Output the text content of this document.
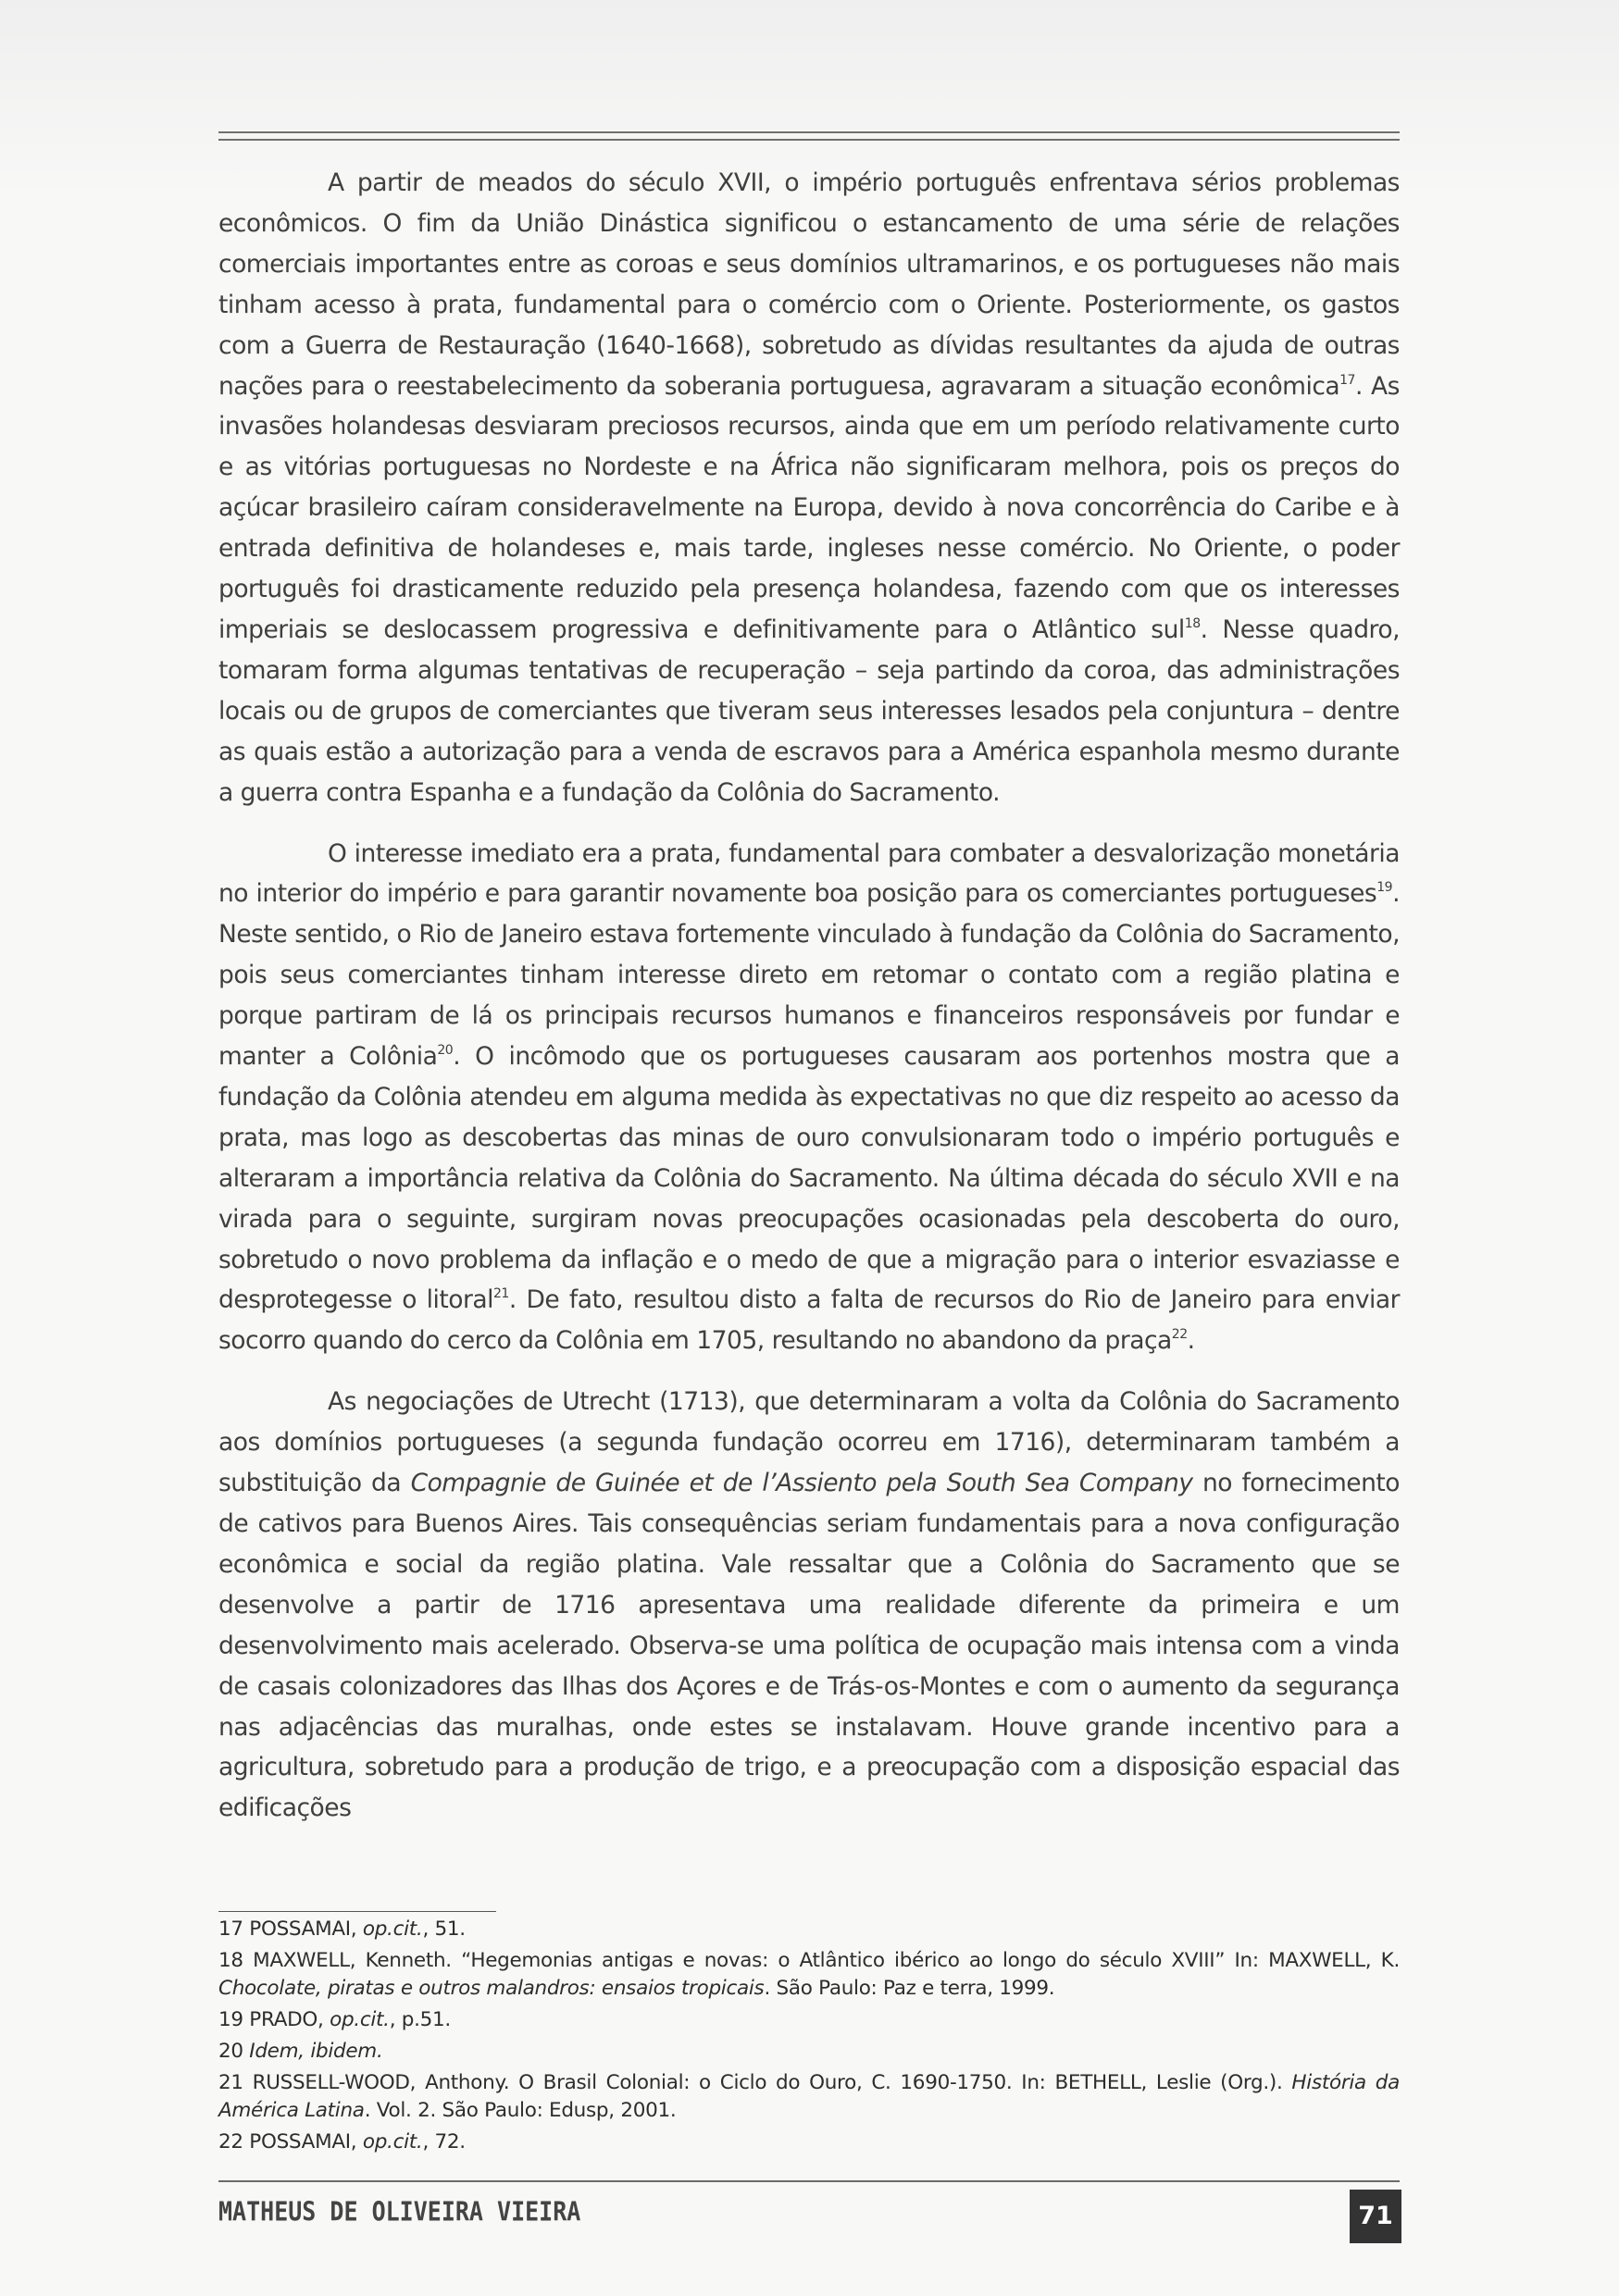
A partir de meados do século XVII, o império português enfrentava sérios problemas econômicos. O fim da União Dinástica significou o estancamento de uma série de relações comerciais importantes entre as coroas e seus domínios ultramarinos, e os portugueses não mais tinham acesso à prata, fundamental para o comércio com o Oriente. Posteriormente, os gastos com a Guerra de Restauração (1640-1668), sobretudo as dívidas resultantes da ajuda de outras nações para o reestabelecimento da soberania portuguesa, agravaram a situação econômica$^{17}$. As invasões holandesas desviaram preciosos recursos, ainda que em um período relativamente curto e as vitórias portuguesas no Nordeste e na África não significaram melhora, pois os preços do açúcar brasileiro caíram consideravelmente na Europa, devido à nova concorrência do Caribe e à entrada definitiva de holandeses e, mais tarde, ingleses nesse comércio. No Oriente, o poder português foi drasticamente reduzido pela presença holandesa, fazendo com que os interesses imperiais se deslocassem progressiva e definitivamente para o Atlântico sul$^{18}$. Nesse quadro, tomaram forma algumas tentativas de recuperação – seja partindo da coroa, das administrações locais ou de grupos de comerciantes que tiveram seus interesses lesados pela conjuntura – dentre as quais estão a autorização para a venda de escravos para a América espanhola mesmo durante a guerra contra Espanha e a fundação da Colônia do Sacramento.

O interesse imediato era a prata, fundamental para combater a desvalorização monetária no interior do império e para garantir novamente boa posição para os comerciantes portugueses$^{19}$. Neste sentido, o Rio de Janeiro estava fortemente vinculado à fundação da Colônia do Sacramento, pois seus comerciantes tinham interesse direto em retomar o contato com a região platina e porque partiram de lá os principais recursos humanos e financeiros responsáveis por fundar e manter a Colônia$^{20}$. O incômodo que os portugueses causaram aos portenhos mostra que a fundação da Colônia atendeu em alguma medida às expectativas no que diz respeito ao acesso da prata, mas logo as descobertas das minas de ouro convulsionaram todo o império português e alteraram a importância relativa da Colônia do Sacramento. Na última década do século XVII e na virada para o seguinte, surgiram novas preocupações ocasionadas pela descoberta do ouro, sobretudo o novo problema da inflação e o medo de que a migração para o interior esvaziasse e desprotegesse o litoral$^{21}$. De fato, resultou disto a falta de recursos do Rio de Janeiro para enviar socorro quando do cerco da Colônia em 1705, resultando no abandono da praça$^{22}$.

As negociações de Utrecht (1713), que determinaram a volta da Colônia do Sacramento aos domínios portugueses (a segunda fundação ocorreu em 1716), determinaram também a substituição da Compagnie de Guinée et de l’Assiento pela South Sea Company no fornecimento de cativos para Buenos Aires. Tais consequências seriam fundamentais para a nova configuração econômica e social da região platina. Vale ressaltar que a Colônia do Sacramento que se desenvolve a partir de 1716 apresentava uma realidade diferente da primeira e um desenvolvimento mais acelerado. Observa-se uma política de ocupação mais intensa com a vinda de casais colonizadores das Ilhas dos Açores e de Trás-os-Montes e com o aumento da segurança nas adjacências das muralhas, onde estes se instalavam. Houve grande incentivo para a agricultura, sobretudo para a produção de trigo, e a preocupação com a disposição espacial das edificações

17 POSSAMAI, op.cit., 51.
18 MAXWELL, Kenneth. “Hegemonias antigas e novas: o Atlântico ibérico ao longo do século XVIII” In: MAXWELL, K. Chocolate, piratas e outros malandros: ensaios tropicais. São Paulo: Paz e terra, 1999.
19 PRADO, op.cit., p.51.
20 Idem, ibidem.
21 RUSSELL-WOOD, Anthony. O Brasil Colonial: o Ciclo do Ouro, C. 1690-1750. In: BETHELL, Leslie (Org.). História da América Latina. Vol. 2. São Paulo: Edusp, 2001.
22 POSSAMAI, op.cit., 72.
MATHEUS DE OLIVEIRA VIEIRA	71
